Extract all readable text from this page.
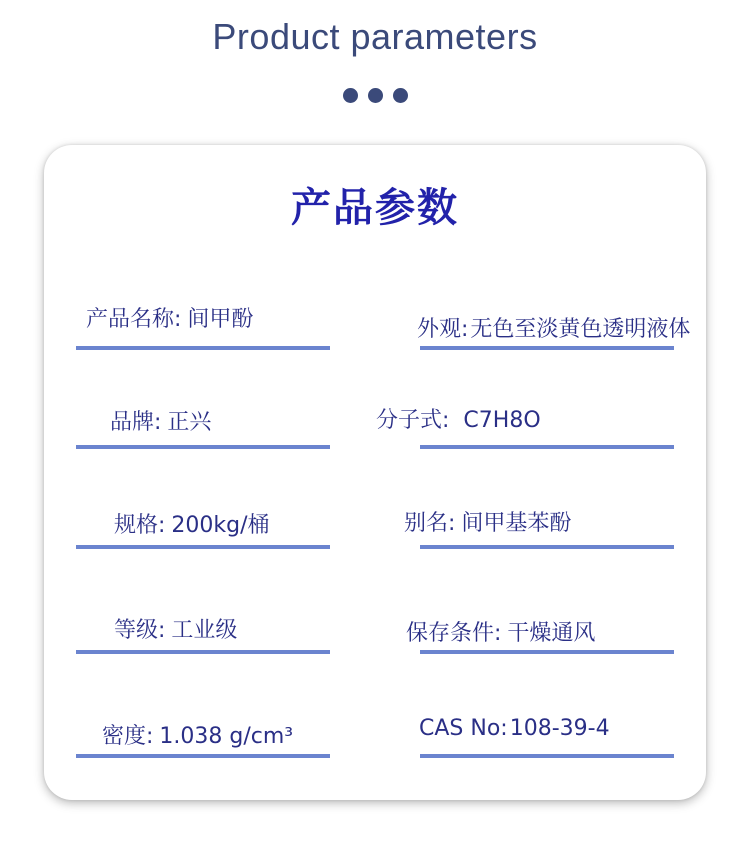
Product parameters
产品参数
产品名称: 间甲酚	外观:无色至淡黄色透明液体
品牌: 正兴	分子式: C7H8O
规格: 200kg/桶	别名: 间甲基苯酚
等级: 工业级	保存条件: 干燥通风
密度: 1.038 g/cm³	CAS No:108-39-4
